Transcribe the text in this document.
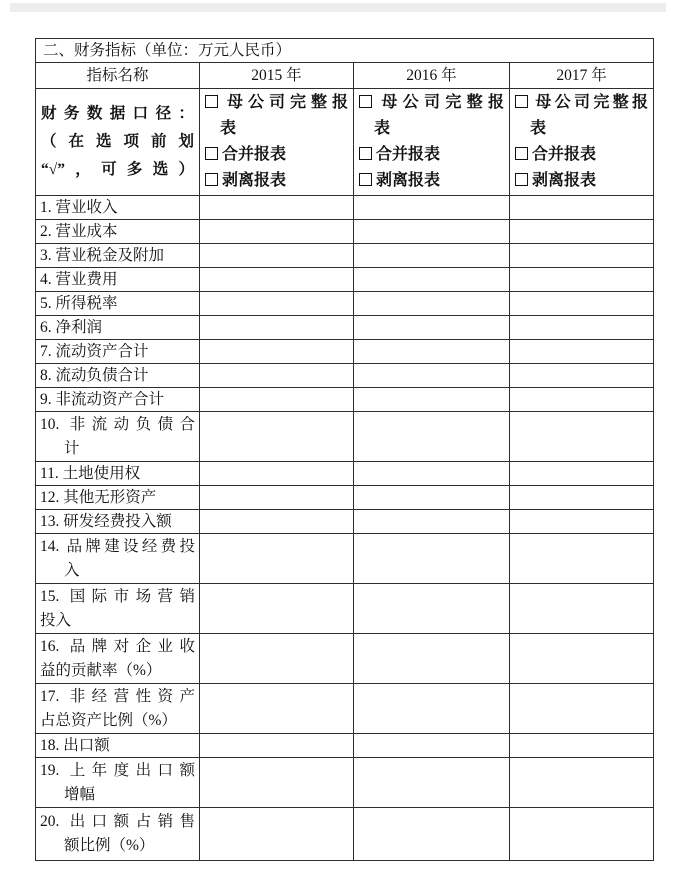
二、财务指标（单位：万元人民币）			
指标名称	2015 年	2016 年	2017 年

财务数据口径：
（在选项前划
“√”，可多选）

母公司完整报
表
合并报表
剥离报表

母公司完整报
表
合并报表
剥离报表

母公司完整报
表
合并报表
剥离报表

1. 营业收入			

2. 营业成本			

3. 营业税金及附加			

4. 营业费用			

5. 所得税率			

6. 净利润			

7. 流动资产合计			

8. 流动负债合计			

9. 非流动资产合计			

10. 非流动负债合
计			

11. 土地使用权			

12. 其他无形资产			

13. 研发经费投入额			

14. 品牌建设经费投
入			

15. 国际市场营销
投入			

16. 品牌对企业收
益的贡献率（%）			

17. 非经营性资产
占总资产比例（%）			

18. 出口额			

19. 上年度出口额
增幅			

20. 出口额占销售
额比例（%）			
